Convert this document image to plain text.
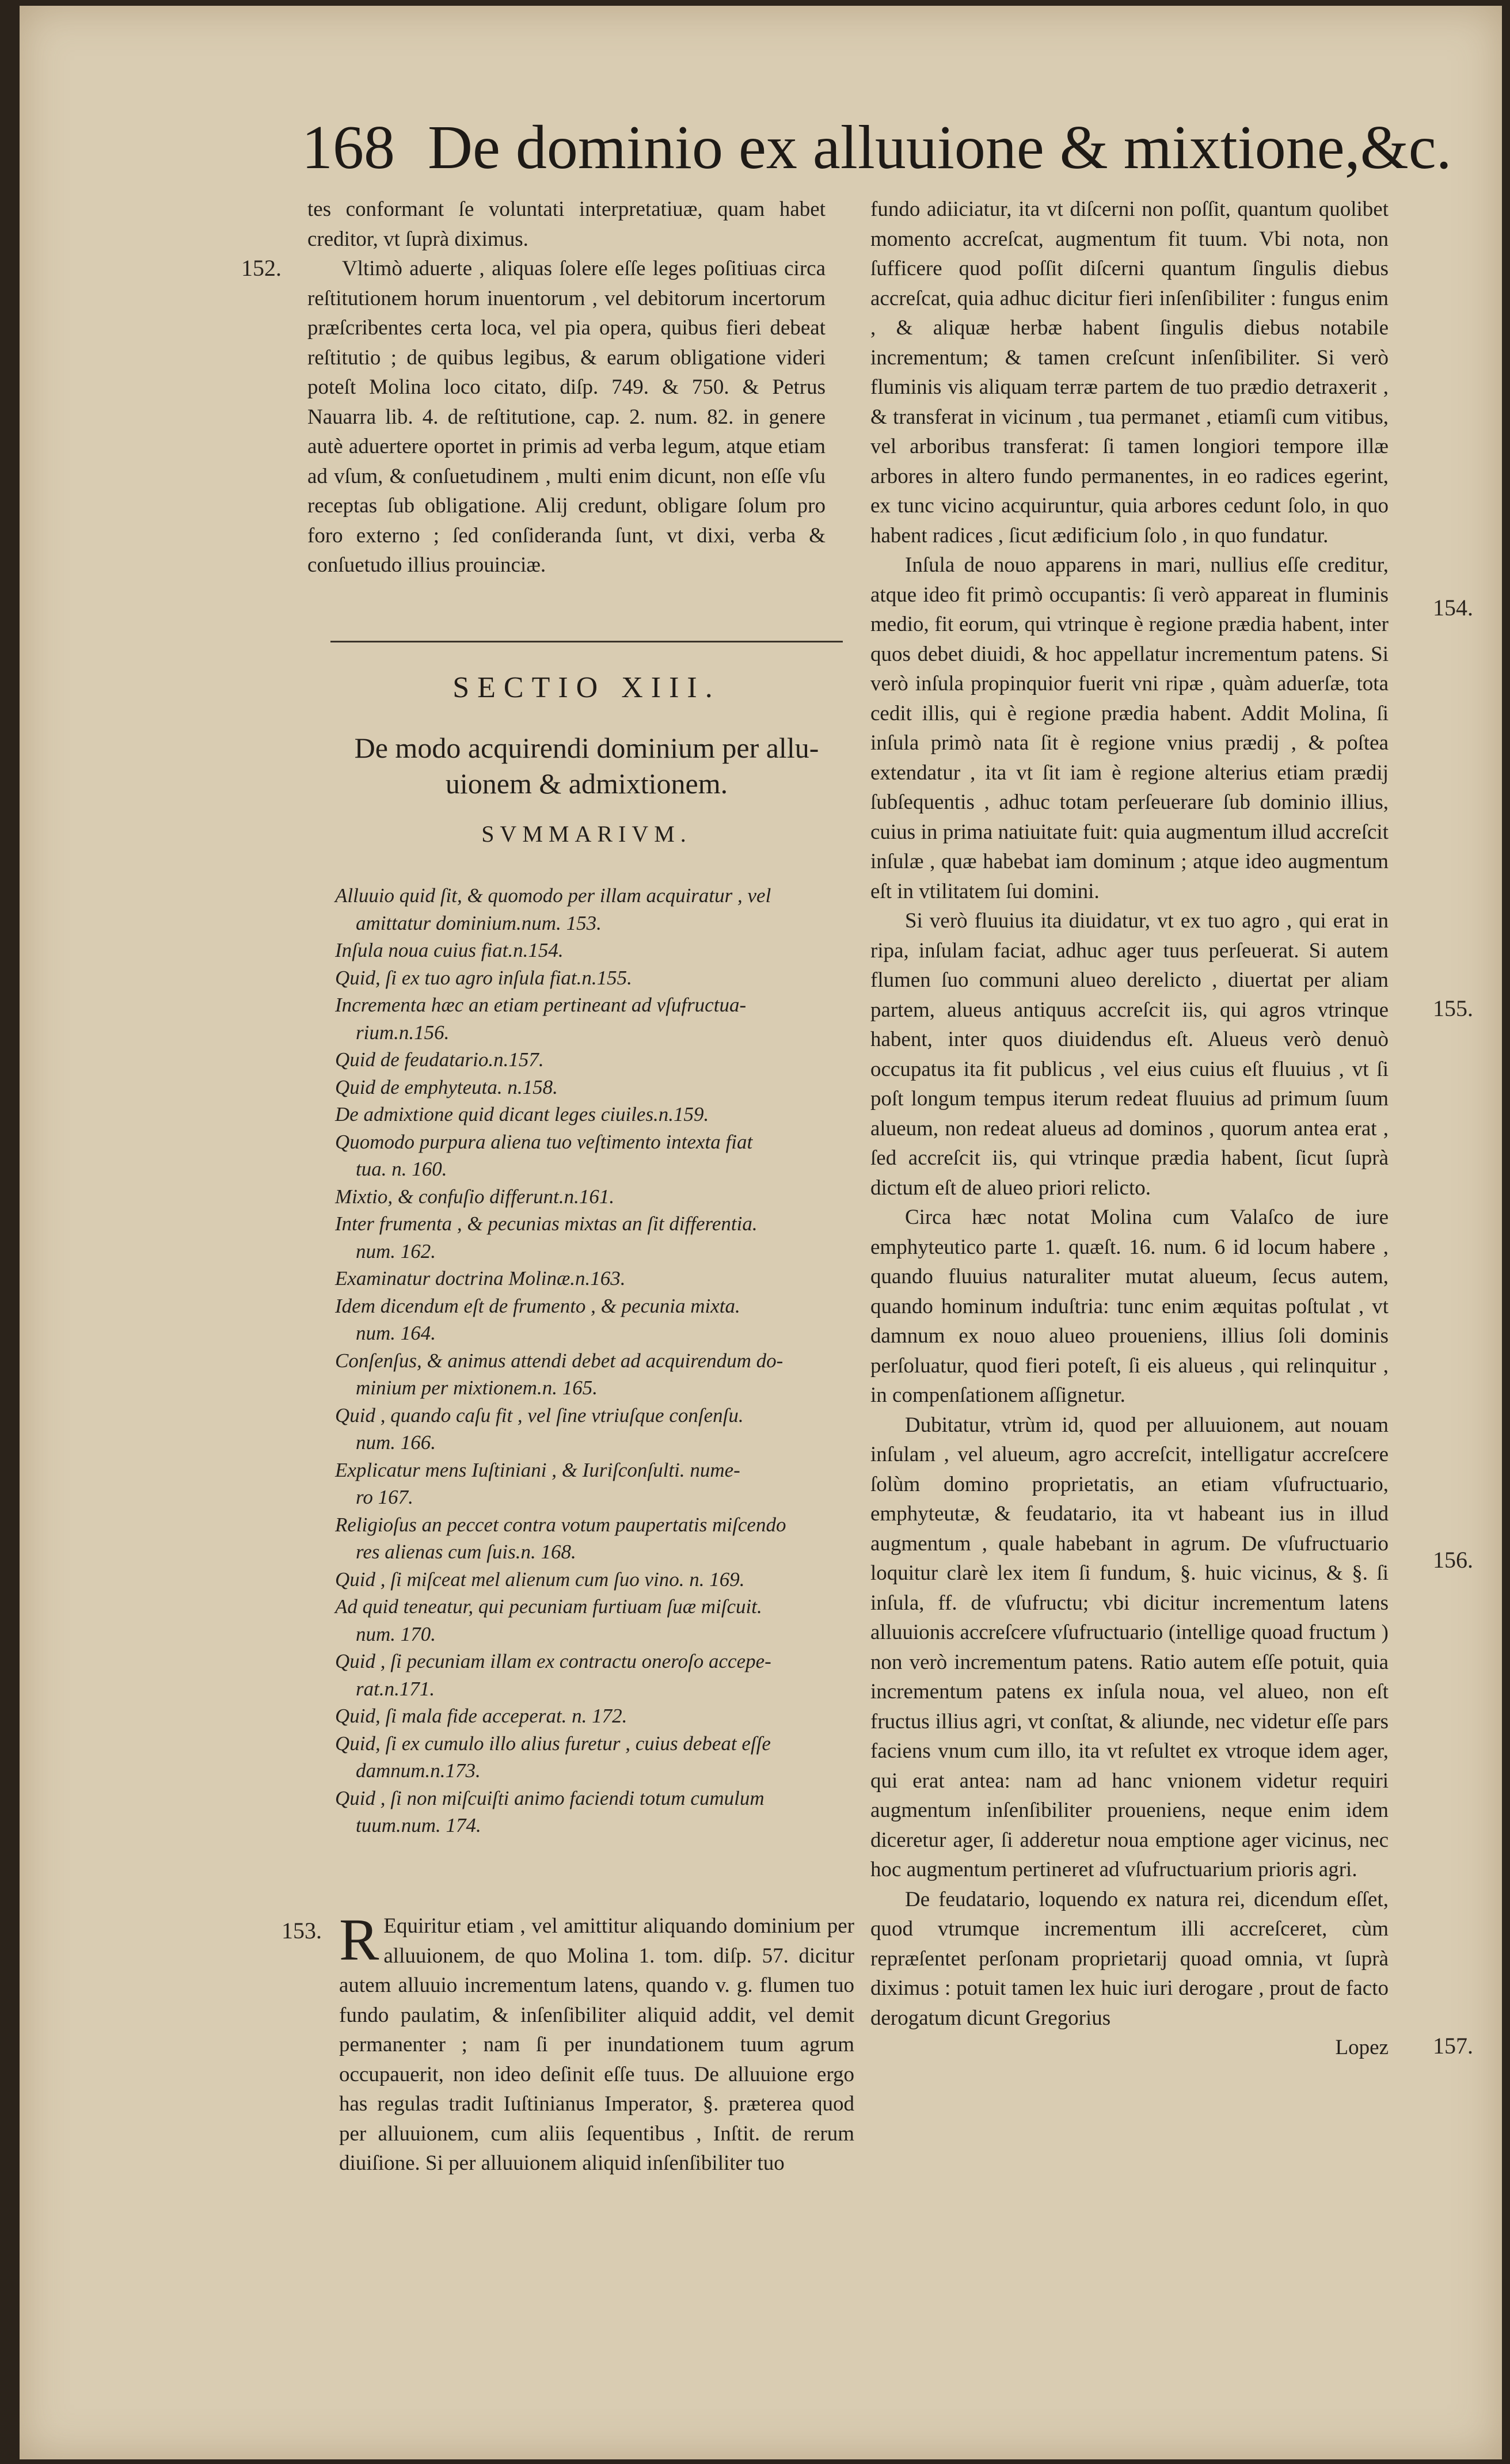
168 De dominio ex alluuione & mixtione,&c.

tes conformant ſe voluntati interpretatiuæ, quam habet creditor, vt ſuprà diximus.

Vltimò aduerte , aliquas ſolere eſſe leges poſitiuas circa reſtitutionem horum inuentorum , vel debitorum incertorum præſcribentes certa loca, vel pia opera, quibus fieri debeat reſtitutio ; de quibus legibus, & earum obligatione videri poteſt Molina loco citato, diſp. 749. & 750. & Petrus Nauarra lib. 4. de reſtitutione, cap. 2. num. 82. in genere autè aduertere oportet in primis ad verba legum, atque etiam ad vſum, & conſuetudinem , multi enim dicunt, non eſſe vſu receptas ſub obligatione. Alij credunt, obligare ſolum pro foro externo ; ſed conſideranda ſunt, vt dixi, verba & conſuetudo illius prouinciæ.

152.
SECTIO XIII.
De modo acquirendi dominium per allu-
uionem & admixtionem.
SVMMARIVM.
Alluuio quid ſit, & quomodo per illam acquiratur , vel
amittatur dominium.num. 153.
Inſula noua cuius fiat.n.154.
Quid, ſi ex tuo agro inſula fiat.n.155.
Incrementa hæc an etiam pertineant ad vſufructua-
rium.n.156.
Quid de feudatario.n.157.
Quid de emphyteuta. n.158.
De admixtione quid dicant leges ciuiles.n.159.
Quomodo purpura aliena tuo veſtimento intexta fiat
tua. n. 160.
Mixtio, & confuſio differunt.n.161.
Inter frumenta , & pecunias mixtas an ſit differentia.
num. 162.
Examinatur doctrina Molinæ.n.163.
Idem dicendum eſt de frumento , & pecunia mixta.
num. 164.
Conſenſus, & animus attendi debet ad acquirendum do-
minium per mixtionem.n. 165.
Quid , quando caſu fit , vel ſine vtriuſque conſenſu.
num. 166.
Explicatur mens Iuſtiniani , & Iuriſconſulti. nume-
ro 167.
Religioſus an peccet contra votum paupertatis miſcendo
res alienas cum ſuis.n. 168.
Quid , ſi miſceat mel alienum cum ſuo vino. n. 169.
Ad quid teneatur, qui pecuniam furtiuam ſuæ miſcuit.
num. 170.
Quid , ſi pecuniam illam ex contractu oneroſo accepe-
rat.n.171.
Quid, ſi mala fide acceperat. n. 172.
Quid, ſi ex cumulo illo alius furetur , cuius debeat eſſe
damnum.n.173.
Quid , ſi non miſcuiſti animo faciendi totum cumulum
tuum.num. 174.
153. R Equiritur etiam , vel amittitur aliquando dominium per alluuionem, de quo Molina 1. tom. diſp. 57. dicitur autem alluuio incrementum latens, quando v. g. flumen tuo fundo paulatim, & inſenſibiliter aliquid addit, vel demit permanenter ; nam ſi per inundationem tuum agrum occupauerit, non ideo deſinit eſſe tuus. De alluuione ergo has regulas tradit Iuſtinianus Imperator, §. præterea quod per alluuionem, cum aliis ſequentibus , Inſtit. de rerum diuiſione. Si per alluuionem aliquid inſenſibiliter tuo

fundo adiiciatur, ita vt diſcerni non poſſit, quantum quolibet momento accreſcat, augmentum fit tuum. Vbi nota, non ſufficere quod poſſit diſcerni quantum ſingulis diebus accreſcat, quia adhuc dicitur fieri inſenſibiliter : fungus enim , & aliquæ herbæ habent ſingulis diebus notabile incrementum; & tamen creſcunt inſenſibiliter. Si verò fluminis vis aliquam terræ partem de tuo prædio detraxerit , & transferat in vicinum , tua permanet , etiamſi cum vitibus, vel arboribus transferat: ſi tamen longiori tempore illæ arbores in altero fundo permanentes, in eo radices egerint, ex tunc vicino acquiruntur, quia arbores cedunt ſolo, in quo habent radices , ſicut ædificium ſolo , in quo fundatur.

Inſula de nouo apparens in mari, nullius eſſe creditur, atque ideo fit primò occupantis: ſi verò appareat in fluminis medio, fit eorum, qui vtrinque è regione prædia habent, inter quos debet diuidi, & hoc appellatur incrementum patens. Si verò inſula propinquior fuerit vni ripæ , quàm aduerſæ, tota cedit illis, qui è regione prædia habent. Addit Molina, ſi inſula primò nata ſit è regione vnius prædij , & poſtea extendatur , ita vt ſit iam è regione alterius etiam prædij ſubſequentis , adhuc totam perſeuerare ſub dominio illius, cuius in prima natiuitate fuit: quia augmentum illud accreſcit inſulæ , quæ habebat iam dominum ; atque ideo augmentum eſt in vtilitatem ſui domini.

Si verò fluuius ita diuidatur, vt ex tuo agro , qui erat in ripa, inſulam faciat, adhuc ager tuus perſeuerat. Si autem flumen ſuo communi alueo derelicto , diuertat per aliam partem, alueus antiquus accreſcit iis, qui agros vtrinque habent, inter quos diuidendus eſt. Alueus verò denuò occupatus ita fit publicus , vel eius cuius eſt fluuius , vt ſi poſt longum tempus iterum redeat fluuius ad primum ſuum alueum, non redeat alueus ad dominos , quorum antea erat , ſed accreſcit iis, qui vtrinque prædia habent, ſicut ſuprà dictum eſt de alueo priori relicto.

Circa hæc notat Molina cum Valaſco de iure emphyteutico parte 1. quæſt. 16. num. 6 id locum habere , quando fluuius naturaliter mutat alueum, ſecus autem, quando hominum induſtria: tunc enim æquitas poſtulat , vt damnum ex nouo alueo proueniens, illius ſoli dominis perſoluatur, quod fieri poteſt, ſi eis alueus , qui relinquitur , in compenſationem aſſignetur.

Dubitatur, vtrùm id, quod per alluuionem, aut nouam inſulam , vel alueum, agro accreſcit, intelligatur accreſcere ſolùm domino proprietatis, an etiam vſufructuario, emphyteutæ, & feudatario, ita vt habeant ius in illud augmentum , quale habebant in agrum. De vſufructuario loquitur clarè lex item ſi fundum, §. huic vicinus, & §. ſi inſula, ff. de vſufructu; vbi dicitur incrementum latens alluuionis accreſcere vſufructuario (intellige quoad fructum ) non verò incrementum patens. Ratio autem eſſe potuit, quia incrementum patens ex inſula noua, vel alueo, non eſt fructus illius agri, vt conſtat, & aliunde, nec videtur eſſe pars faciens vnum cum illo, ita vt reſultet ex vtroque idem ager, qui erat antea: nam ad hanc vnionem videtur requiri augmentum inſenſibiliter proueniens, neque enim idem diceretur ager, ſi adderetur noua emptione ager vicinus, nec hoc augmentum pertineret ad vſufructuarium prioris agri.

De feudatario, loquendo ex natura rei, dicendum eſſet, quod vtrumque incrementum illi accreſceret, cùm repræſentet perſonam proprietarij quoad omnia, vt ſuprà diximus : potuit tamen lex huic iuri derogare , prout de facto derogatum dicunt Gregorius

Lopez

154.
155.
156.
157.
